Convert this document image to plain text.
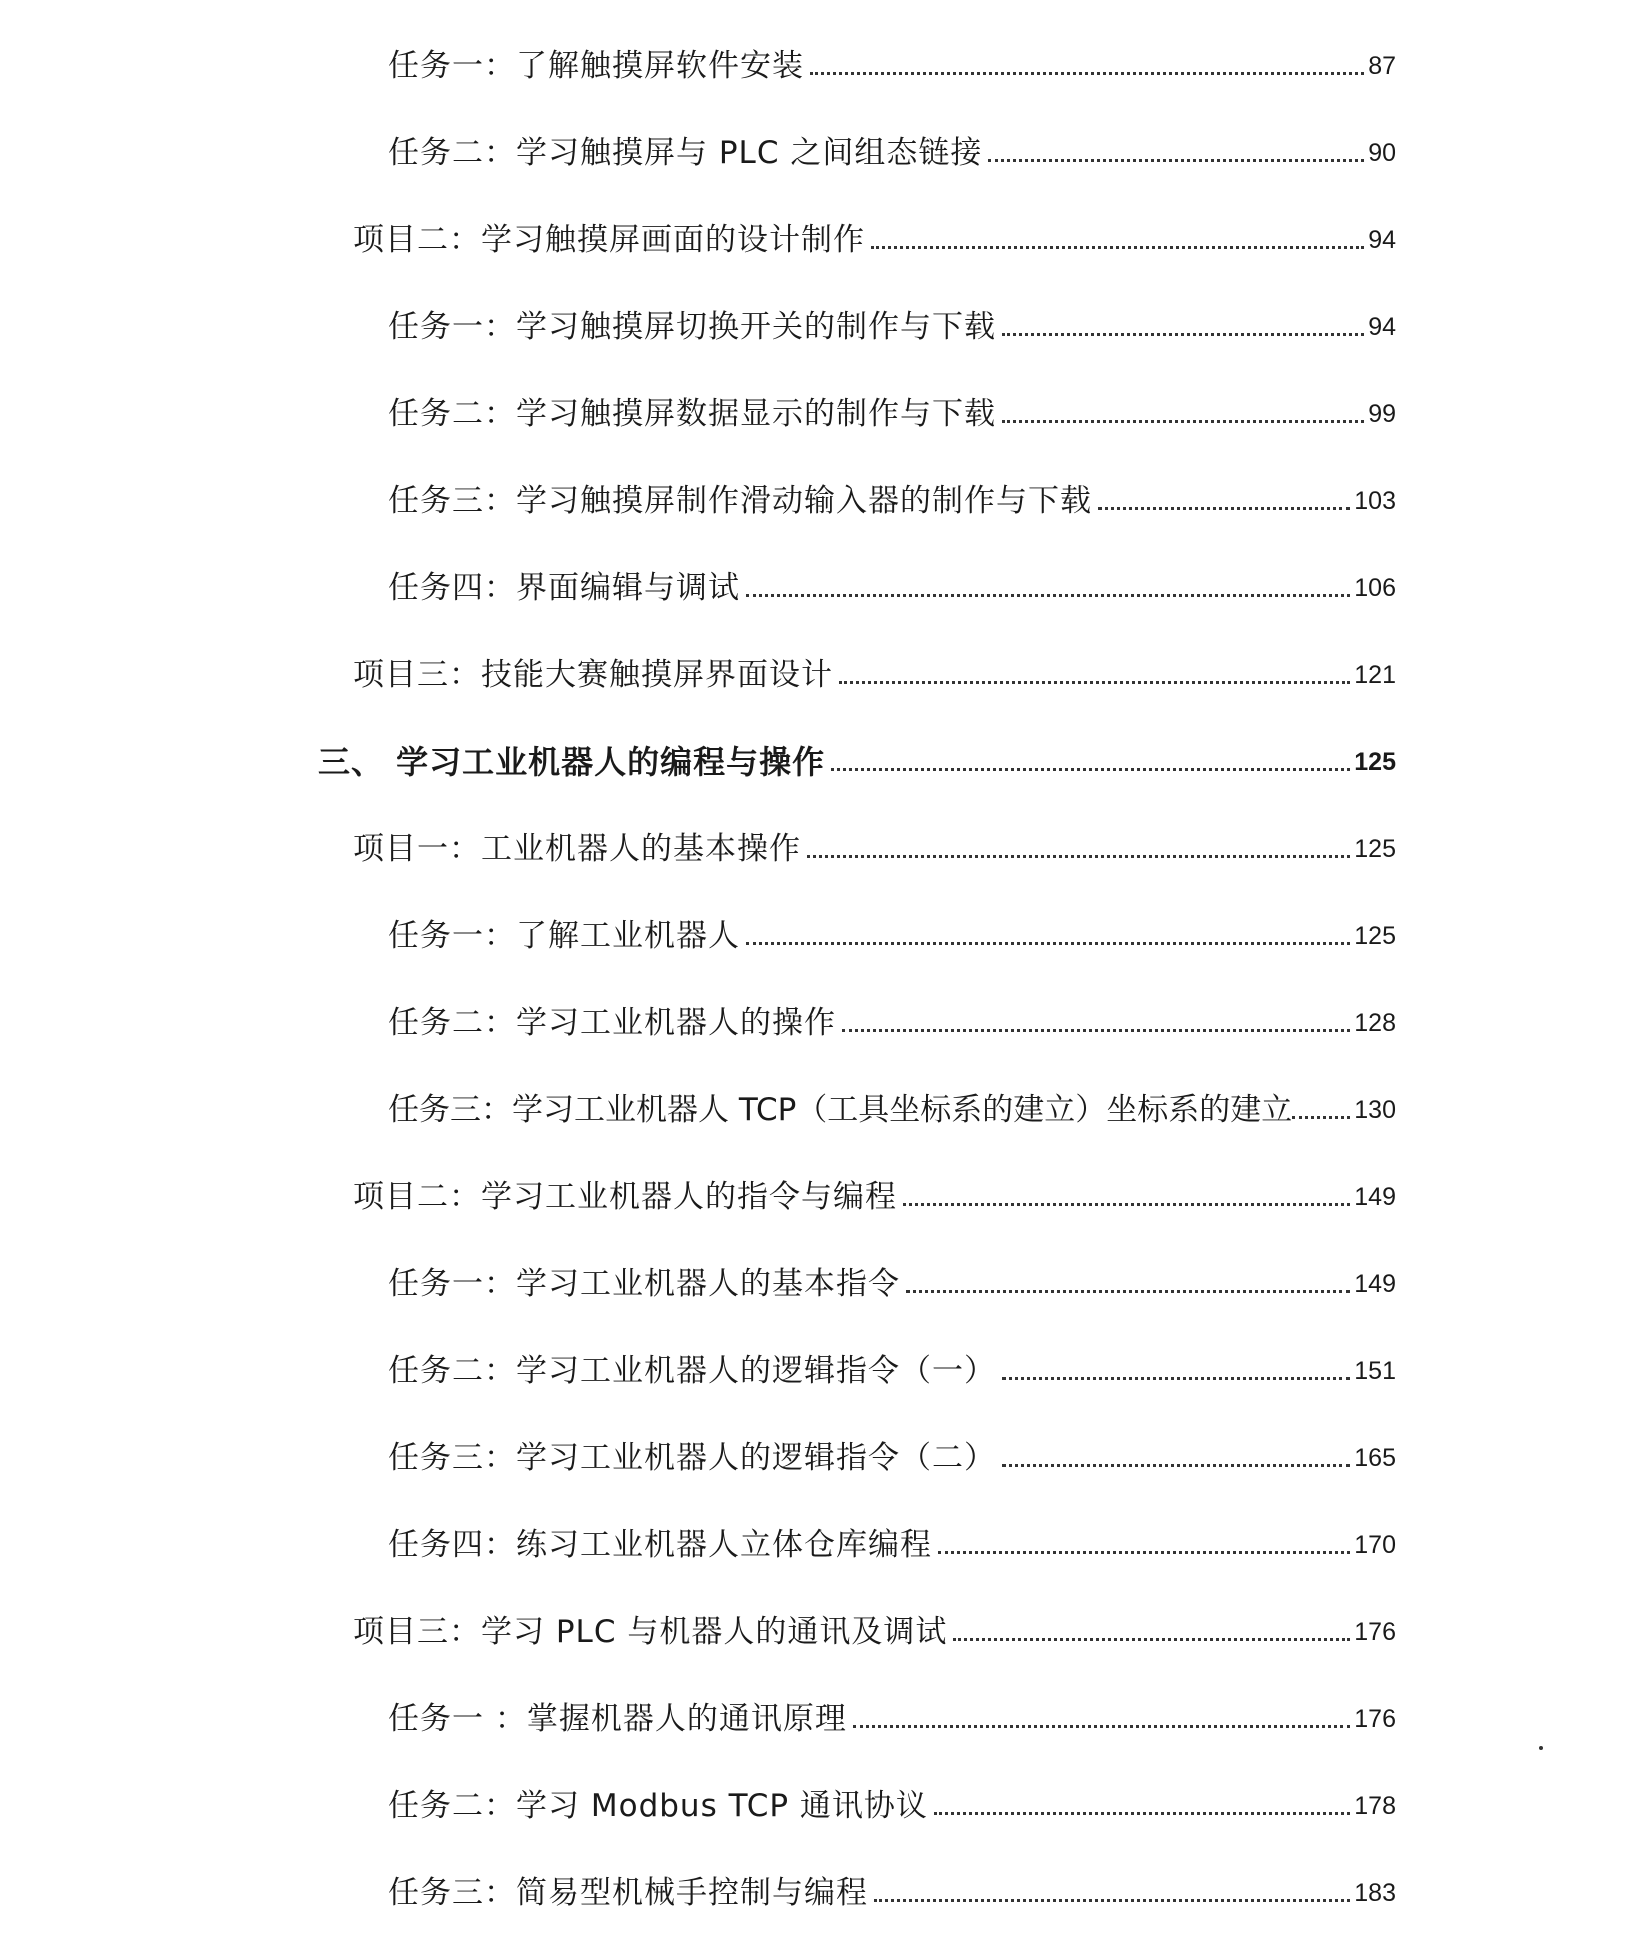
任务一：了解触摸屏软件安装	87
任务二：学习触摸屏与 PLC 之间组态链接	90
项目二：学习触摸屏画面的设计制作	94
任务一：学习触摸屏切换开关的制作与下载	94
任务二：学习触摸屏数据显示的制作与下载	99
任务三：学习触摸屏制作滑动输入器的制作与下载	103
任务四：界面编辑与调试	106
项目三：技能大赛触摸屏界面设计	121
三、 学习工业机器人的编程与操作	125
项目一：工业机器人的基本操作	125
任务一：了解工业机器人	125
任务二：学习工业机器人的操作	128
任务三：学习工业机器人 TCP（工具坐标系的建立）坐标系的建立 130
项目二：学习工业机器人的指令与编程	149
任务一：学习工业机器人的基本指令	149
任务二：学习工业机器人的逻辑指令（一）	151
任务三：学习工业机器人的逻辑指令（二）	165
任务四：练习工业机器人立体仓库编程	170
项目三：学习 PLC 与机器人的通讯及调试	176
任务一 ：掌握机器人的通讯原理	176
任务二：学习 Modbus TCP 通讯协议	178
任务三：简易型机械手控制与编程	183
